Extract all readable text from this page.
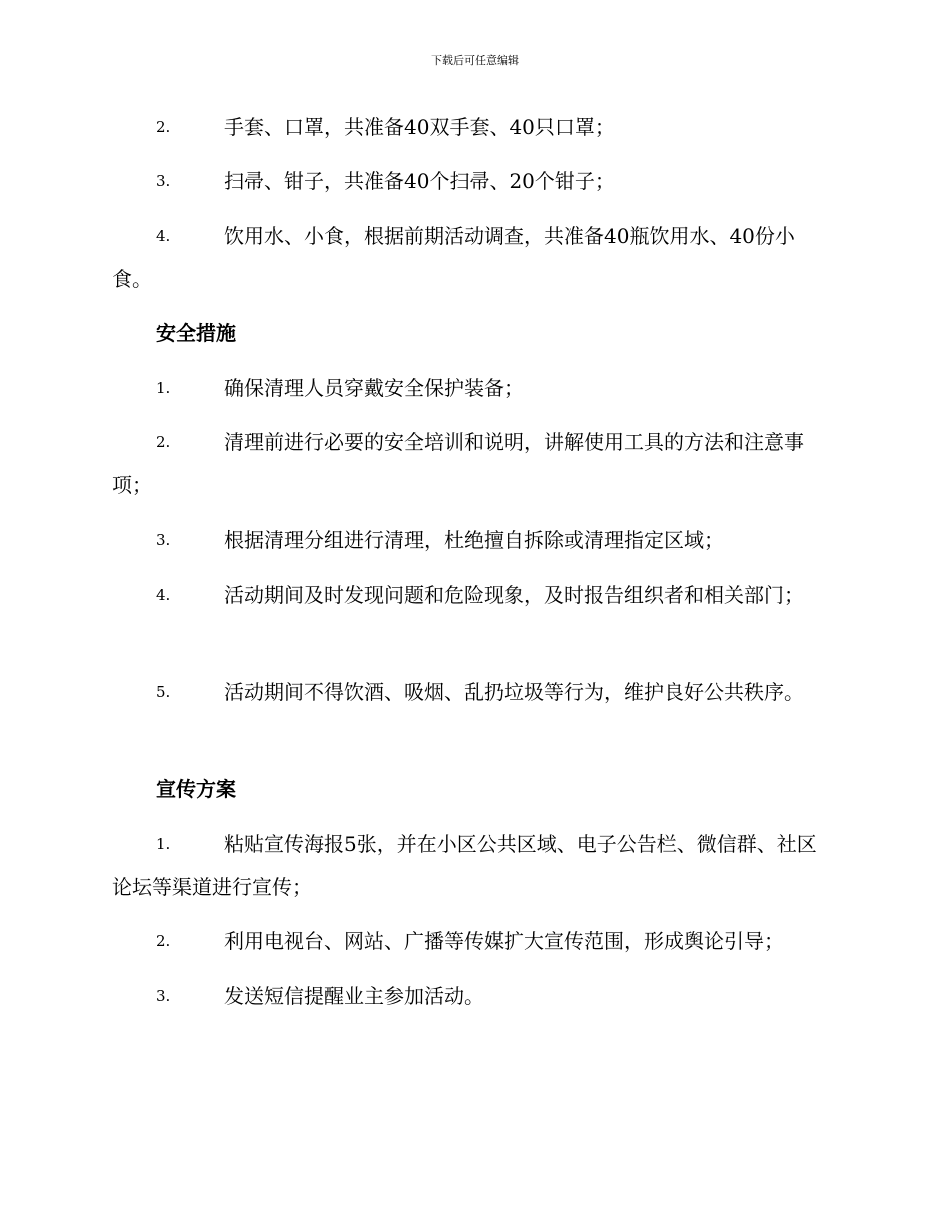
下载后可任意编辑
2.	手套、口罩，共准备40双手套、40只口罩；
3.	扫帚、钳子，共准备40个扫帚、20个钳子；
4.	饮用水、小食，根据前期活动调查，共准备40瓶饮用水、40份小食。
安全措施
1.	确保清理人员穿戴安全保护装备；
2.	清理前进行必要的安全培训和说明，讲解使用工具的方法和注意事项；
3.	根据清理分组进行清理，杜绝擅自拆除或清理指定区域；
4.	活动期间及时发现问题和危险现象，及时报告组织者和相关部门；
5.	活动期间不得饮酒、吸烟、乱扔垃圾等行为，维护良好公共秩序。
宣传方案
1.	粘贴宣传海报5张，并在小区公共区域、电子公告栏、微信群、社区论坛等渠道进行宣传；
2.	利用电视台、网站、广播等传媒扩大宣传范围，形成舆论引导；
3.	发送短信提醒业主参加活动。
